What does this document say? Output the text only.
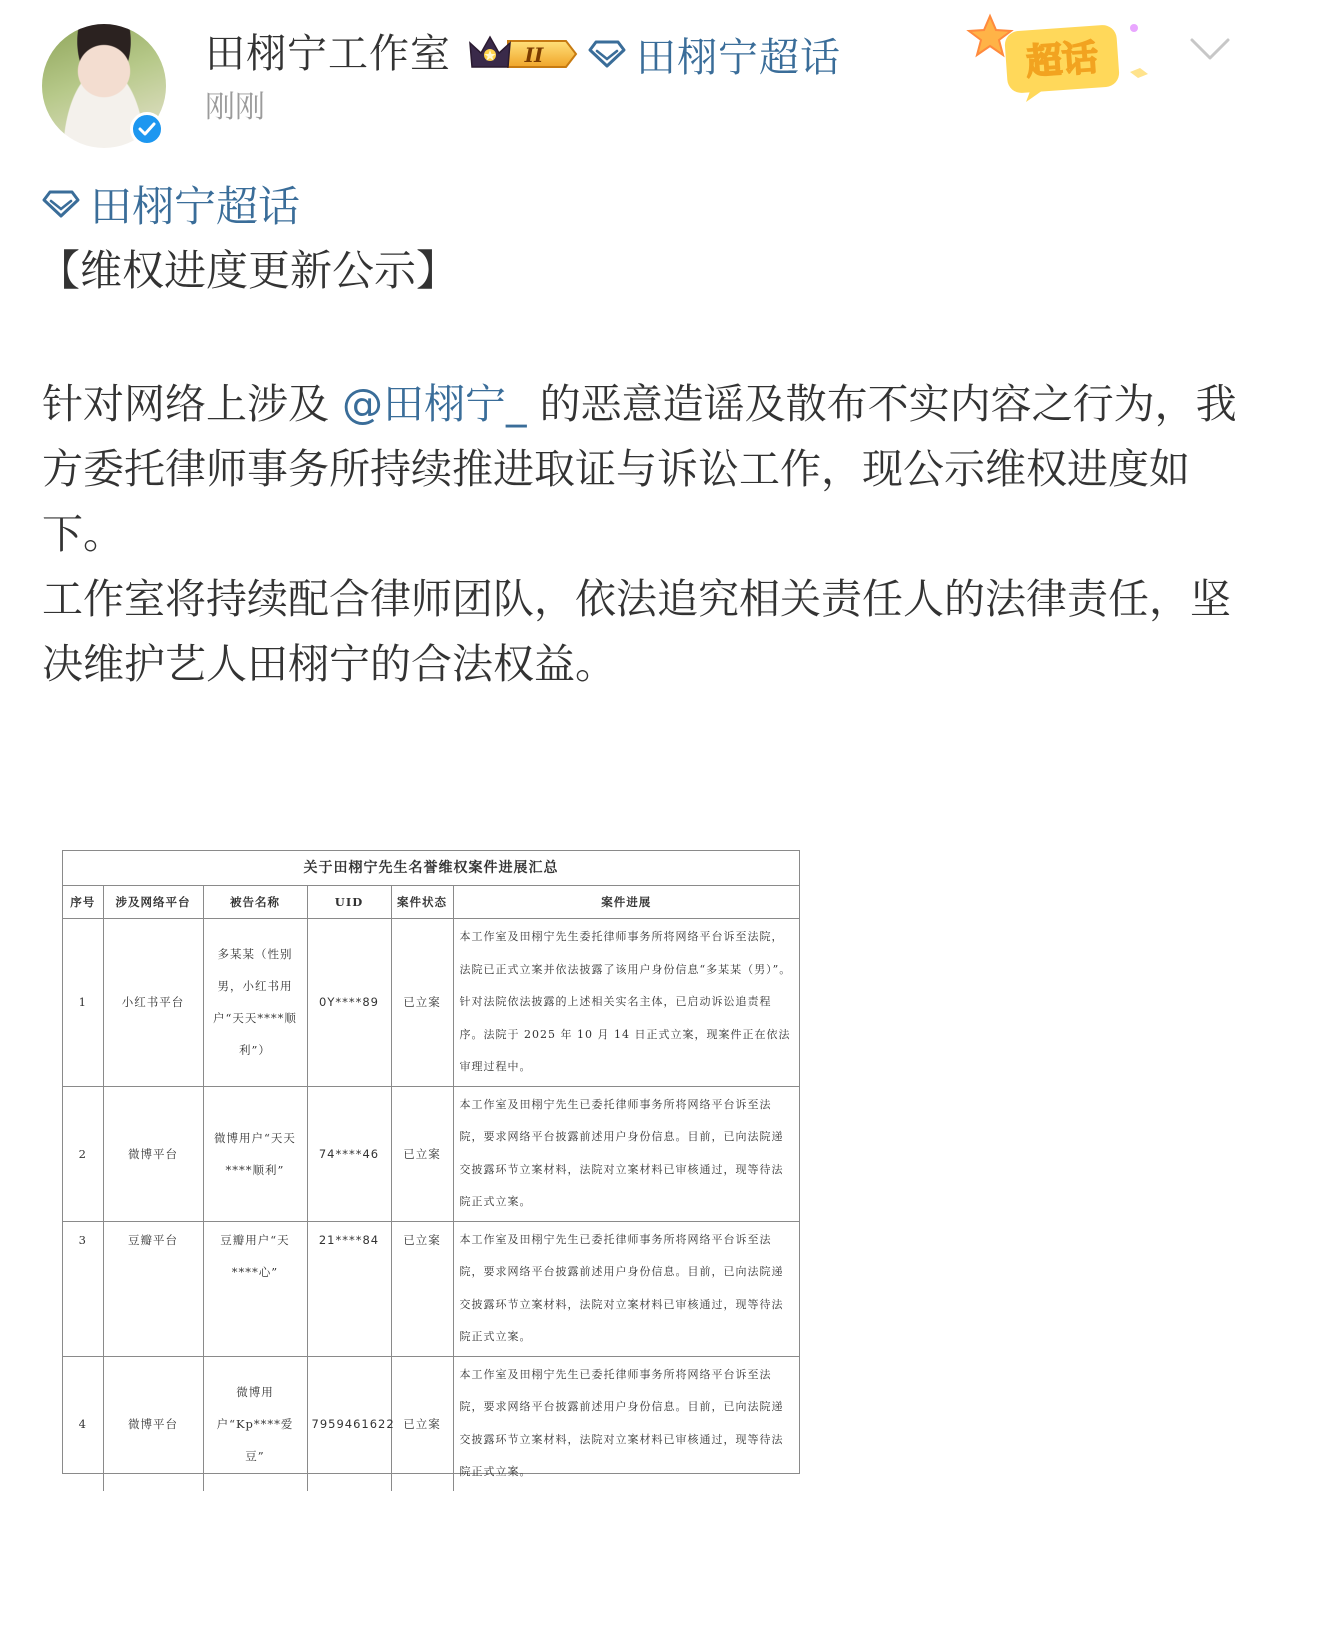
田栩宁工作室	II 田栩宁超话
刚刚
超话
田栩宁超话
【维权进度更新公示】

针对网络上涉及 @田栩宁_ 的恶意造谣及散布不实内容之行为，我方委托律师事务所持续推进取证与诉讼工作，现公示维权进度如下。

工作室将持续配合律师团队，依法追究相关责任人的法律责任，坚决维护艺人田栩宁的合法权益。

关于田栩宁先生名誉维权案件进展汇总
序号	涉及网络平台	被告名称	UID	案件状态	案件进展
1	小红书平台	多某某（性别男，小红书用户“天天****顺利”）	0Y****89	已立案	本工作室及田栩宁先生委托律师事务所将网络平台诉至法院，法院已正式立案并依法披露了该用户身份信息“多某某（男）”。针对法院依法披露的上述相关实名主体，已启动诉讼追责程序。法院于 2025 年 10 月 14 日正式立案，现案件正在依法审理过程中。
2	微博平台	微博用户“天天****顺利”	74****46	已立案	本工作室及田栩宁先生已委托律师事务所将网络平台诉至法院，要求网络平台披露前述用户身份信息。目前，已向法院递交披露环节立案材料，法院对立案材料已审核通过，现等待法院正式立案。
3	豆瓣平台	豆瓣用户“天****心”	21****84	已立案	本工作室及田栩宁先生已委托律师事务所将网络平台诉至法院，要求网络平台披露前述用户身份信息。目前，已向法院递交披露环节立案材料，法院对立案材料已审核通过，现等待法院正式立案。
4	微博平台	微博用户“Kp****爱豆”	7959461622	已立案	本工作室及田栩宁先生已委托律师事务所将网络平台诉至法院，要求网络平台披露前述用户身份信息。目前，已向法院递交披露环节立案材料，法院对立案材料已审核通过，现等待法院正式立案。
